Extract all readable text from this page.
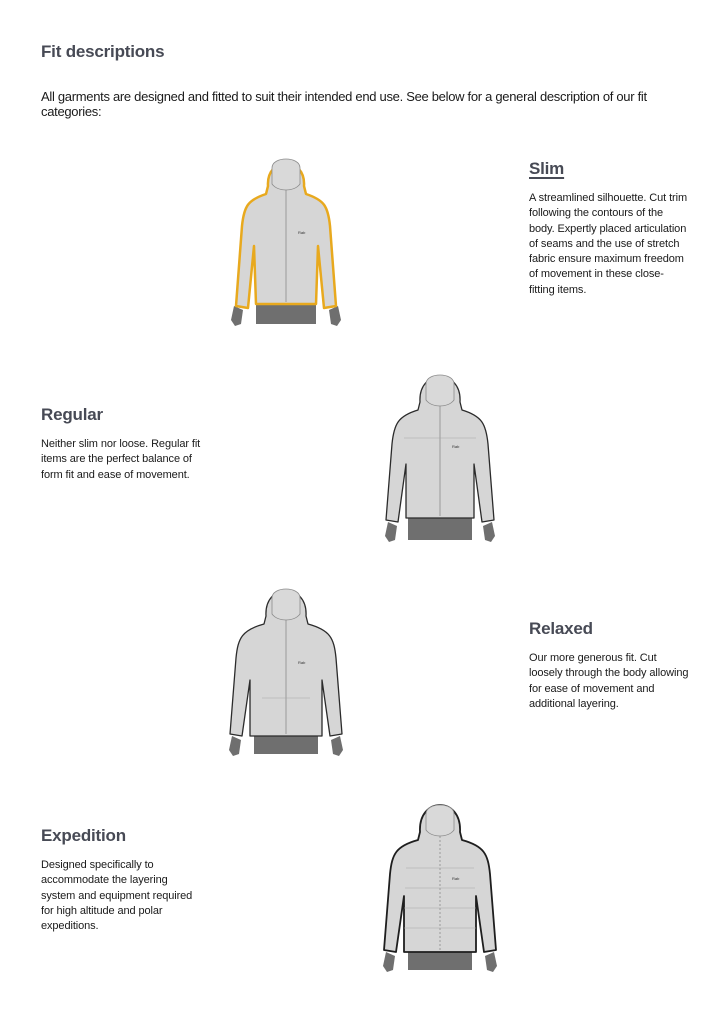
Fit descriptions

All garments are designed and fitted to suit their intended end use. See below for a general description of our fit categories:

Rab
Slim

A streamlined silhouette. Cut trim following the contours of the body. Expertly placed articulation of seams and the use of stretch fabric ensure maximum freedom of movement in these close-fitting items.

Regular

Neither slim nor loose. Regular fit items are the perfect balance of form fit and ease of movement.

Rab
Rab
Relaxed

Our more generous fit. Cut loosely through the body allowing for ease of movement and additional layering.

Expedition

Designed specifically to accommodate the layering system and equipment required for high altitude and polar expeditions.

Rab
